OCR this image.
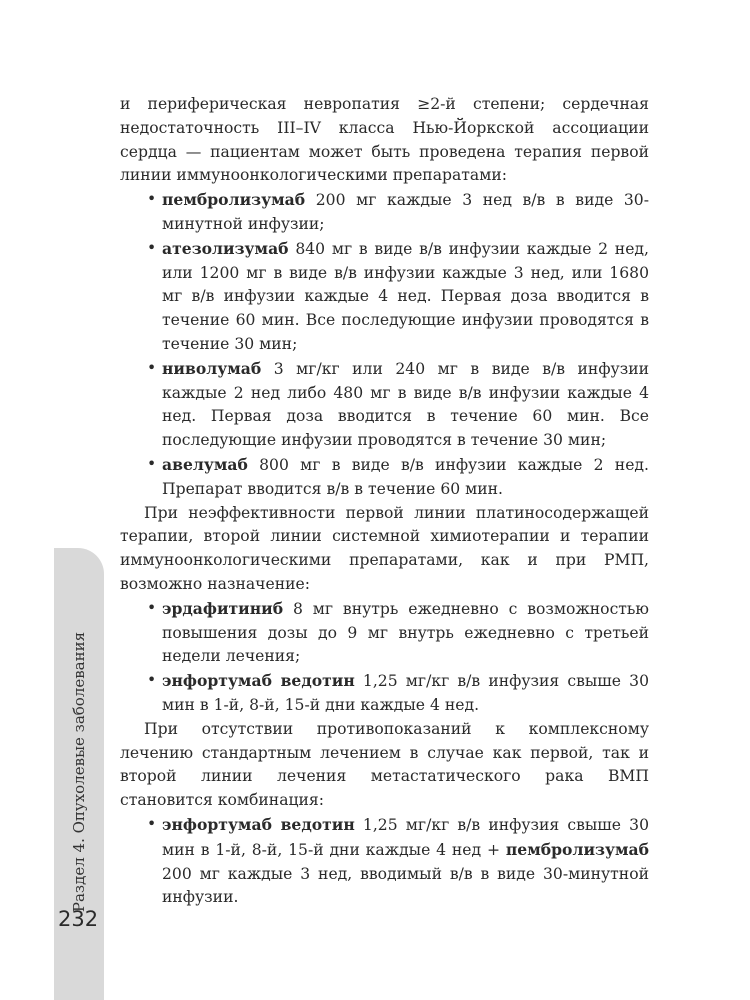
Раздел 4. Опухолевые заболевания
232

и периферическая невропатия ≥2-й степени; сердечная недостаточность III–IV класса Нью-Йоркской ассоциации сердца — пациентам может быть проведена терапия первой линии иммуноонкологическими препаратами:

• пембролизумаб 200 мг каждые 3 нед в/в в виде 30-минутной инфузии;
• атезолизумаб 840 мг в виде в/в инфузии каждые 2 нед, или 1200 мг в виде в/в инфузии каждые 3 нед, или 1680 мг в/в инфузии каждые 4 нед. Первая доза вводится в течение 60 мин. Все последующие инфузии проводятся в течение 30 мин;
• ниволумаб 3 мг/кг или 240 мг в виде в/в инфузии каждые 2 нед либо 480 мг в виде в/в инфузии каждые 4 нед. Первая доза вводится в течение 60 мин. Все последующие инфузии проводятся в течение 30 мин;
• авелумаб 800 мг в виде в/в инфузии каждые 2 нед. Препарат вводится в/в в течение 60 мин.

При неэффективности первой линии платиносодержащей терапии, второй линии системной химиотерапии и терапии иммуноонкологическими препаратами, как и при РМП, возможно назначение:

• эрдафитиниб 8 мг внутрь ежедневно с возможностью повышения дозы до 9 мг внутрь ежедневно с третьей недели лечения;
• энфортумаб ведотин 1,25 мг/кг в/в инфузия свыше 30 мин в 1-й, 8-й, 15-й дни каждые 4 нед.

При отсутствии противопоказаний к комплексному лечению стандартным лечением в случае как первой, так и второй линии лечения метастатического рака ВМП становится комбинация:

• энфортумаб ведотин 1,25 мг/кг в/в инфузия свыше 30 мин в 1-й, 8-й, 15-й дни каждые 4 нед + пембролизумаб 200 мг каждые 3 нед, вводимый в/в в виде 30-минутной инфузии.
